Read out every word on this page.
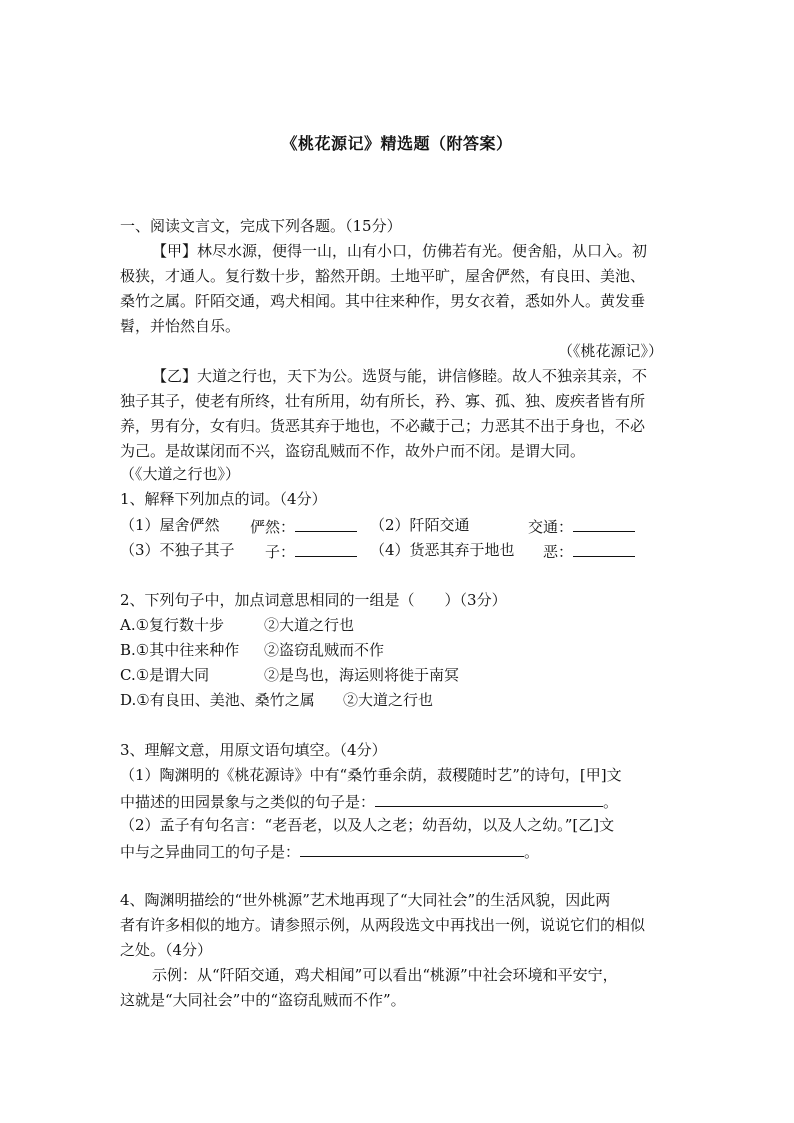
《桃花源记》精选题（附答案）
一、阅读文言文，完成下列各题。（15分）
【甲】林尽水源，便得一山，山有小口，仿佛若有光。便舍船，从口入。初
极狭，才通人。复行数十步，豁然开朗。土地平旷，屋舍俨然，有良田、美池、
桑竹之属。阡陌交通，鸡犬相闻。其中往来种作，男女衣着，悉如外人。黄发垂
髫，并怡然自乐。
（《桃花源记》）
【乙】大道之行也，天下为公。选贤与能，讲信修睦。故人不独亲其亲，不
独子其子，使老有所终，壮有所用，幼有所长，矜、寡、孤、独、废疾者皆有所
养，男有分，女有归。货恶其弃于地也，不必藏于己；力恶其不出于身也，不必
为己。是故谋闭而不兴，盗窃乱贼而不作，故外户而不闭。是谓大同。
（《大道之行也》）
1、解释下列加点的词。（4分）
（1）屋舍俨然 俨然：	（2）阡陌交通	交通：
（3）不独子其子 子：	（4）货恶其弃于地也 恶：
2、下列句子中，加点词意思相同的一组是（　　）（3分）
A.①复行数十步	②大道之行也
B.①其中往来种作 ②盗窃乱贼而不作
C.①是谓大同	②是鸟也，海运则将徙于南冥
D.①有良田、美池、桑竹之属 ②大道之行也
3、理解文意，用原文语句填空。（4分）
（1）陶渊明的《桃花源诗》中有“桑竹垂余荫，菽稷随时艺”的诗句，[甲]文
中描述的田园景象与之类似的句子是：	。
（2）孟子有句名言：“老吾老，以及人之老；幼吾幼，以及人之幼。”[乙]文
中与之异曲同工的句子是：	。
4、陶渊明描绘的“世外桃源”艺术地再现了“大同社会”的生活风貌，因此两
者有许多相似的地方。请参照示例，从两段选文中再找出一例，说说它们的相似
之处。（4分）
示例：从“阡陌交通，鸡犬相闻”可以看出“桃源”中社会环境和平安宁，
这就是“大同社会”中的“盗窃乱贼而不作”。
